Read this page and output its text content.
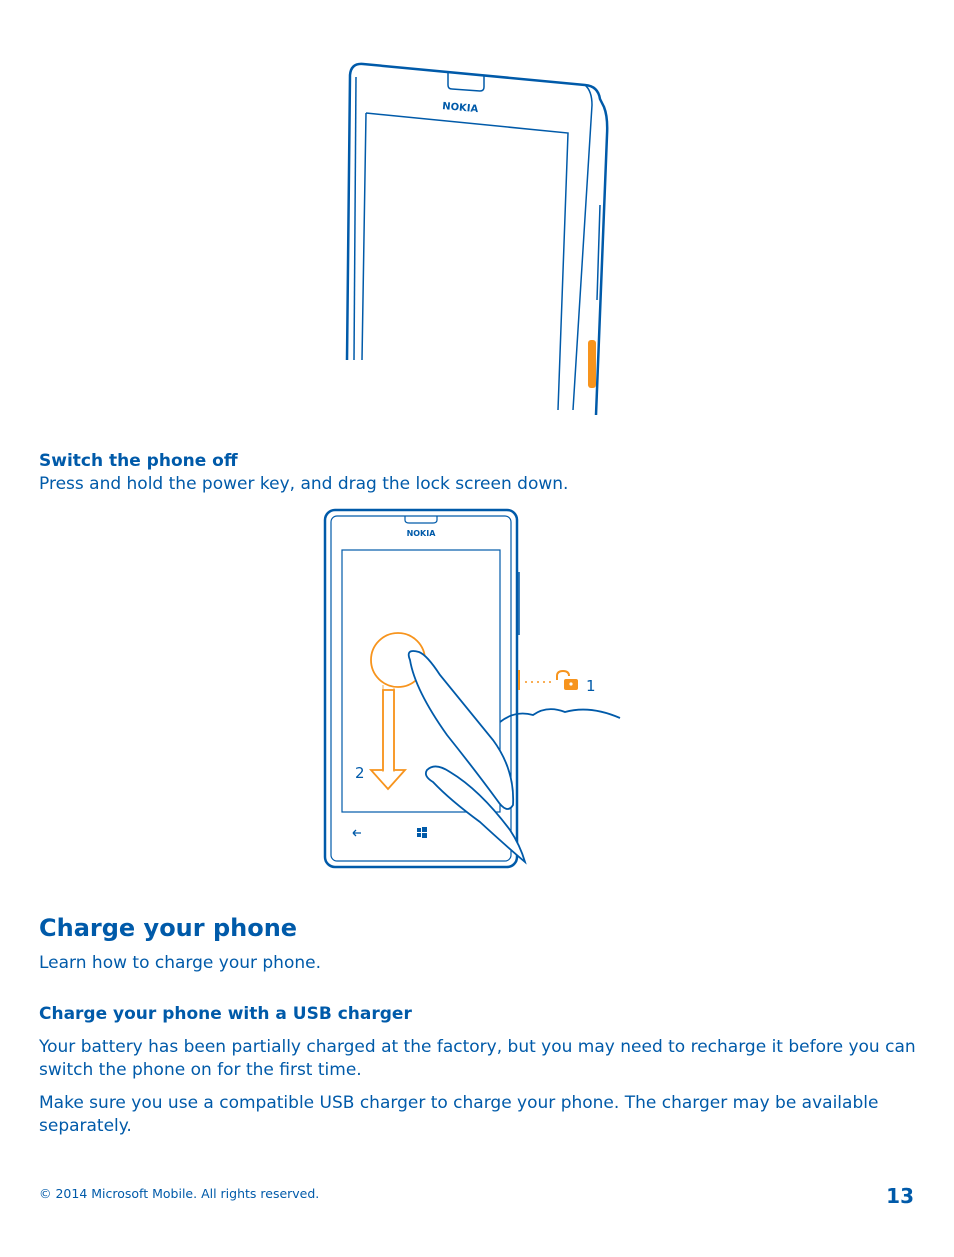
NOKIA
Switch the phone off
Press and hold the power key, and drag the lock screen down.
NOKIA
1
2
Charge your phone
Learn how to charge your phone.
Charge your phone with a USB charger
Your battery has been partially charged at the factory, but you may need to recharge it before you can switch the phone on for the first time.
Make sure you use a compatible USB charger to charge your phone. The charger may be available separately.
© 2014 Microsoft Mobile. All rights reserved.	13
